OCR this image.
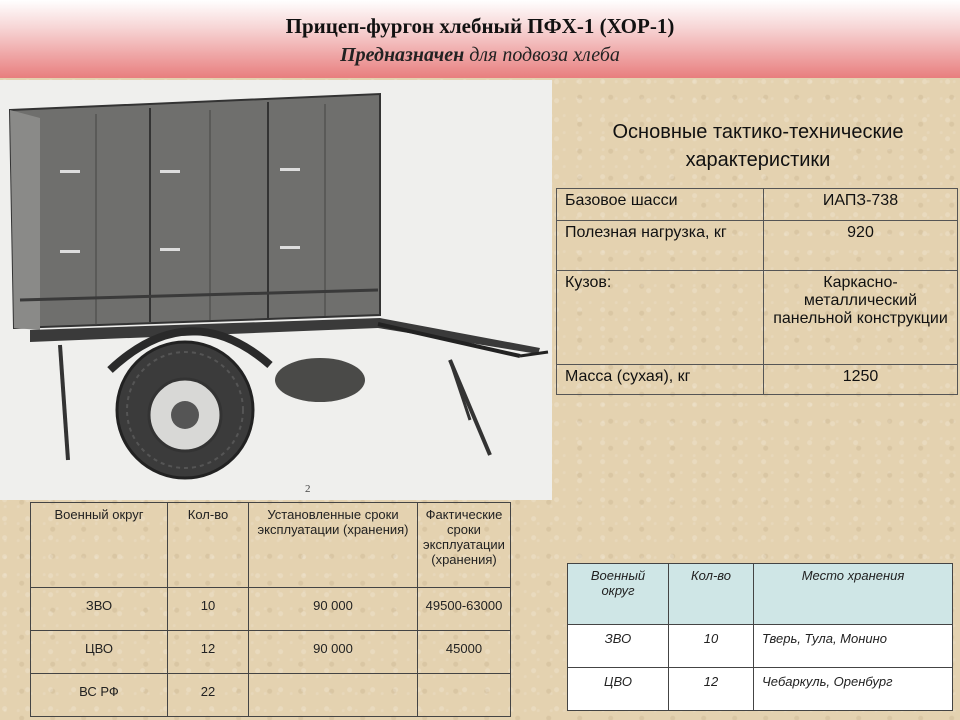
Прицеп-фургон хлебный ПФХ-1 (ХОР-1)
Предназначен для подвоза хлеба
2
Основные тактико-технические характеристики
Базовое шасси	ИАПЗ-738
Полезная нагрузка, кг	920
Кузов:	Каркасно-металлический панельной конструкции
Масса (сухая), кг	1250
Военный округ	Кол-во	Установленные сроки эксплуатации (хранения)	Фактические сроки эксплуатации (хранения)
ЗВО	10	90 000	49500-63000
ЦВО	12	90 000	45000
ВС РФ	22		
Военный округ	Кол-во	Место хранения
ЗВО	10	Тверь, Тула, Монино
ЦВО	12	Чебаркуль, Оренбург
